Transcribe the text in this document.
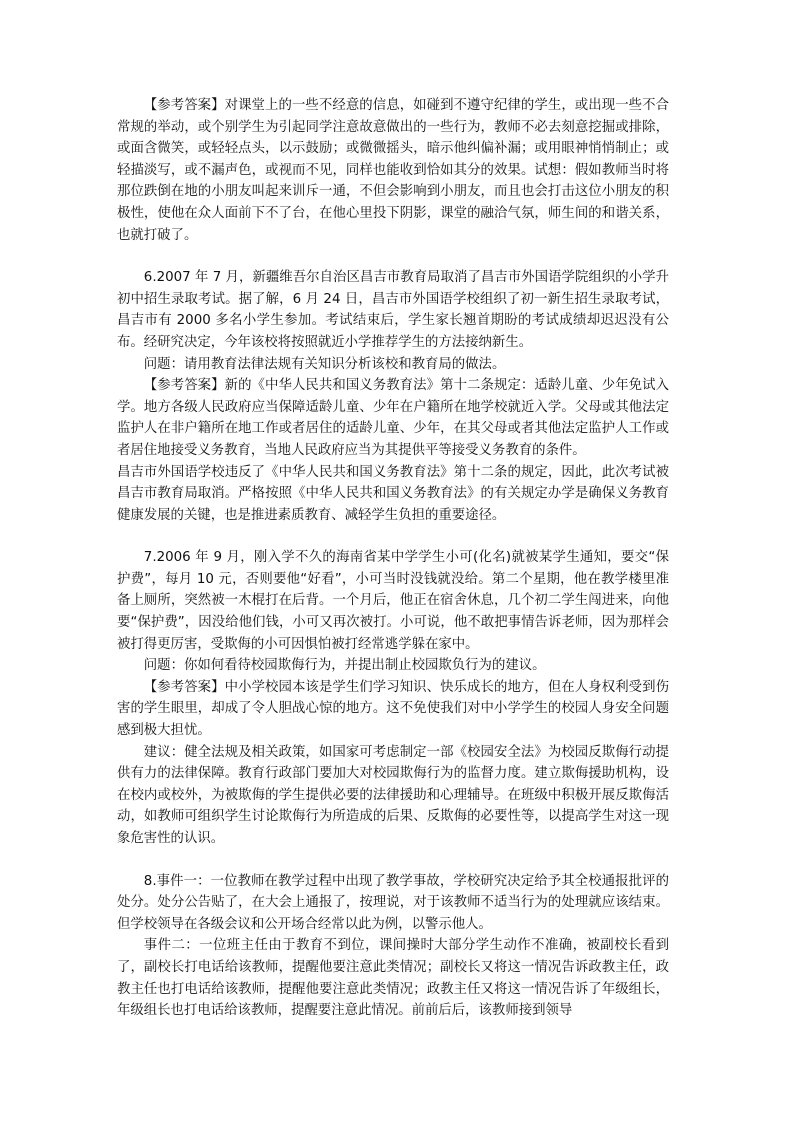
【参考答案】对课堂上的一些不经意的信息，如碰到不遵守纪律的学生，或出现一些不合常规的举动，或个别学生为引起同学注意故意做出的一些行为，教师不必去刻意挖掘或排除，或面含微笑，或轻轻点头，以示鼓励；或微微摇头，暗示他纠偏补漏；或用眼神悄悄制止；或轻描淡写，或不漏声色，或视而不见，同样也能收到恰如其分的效果。试想：假如教师当时将那位跌倒在地的小朋友叫起来训斥一通，不但会影响到小朋友，而且也会打击这位小朋友的积极性，使他在众人面前下不了台，在他心里投下阴影，课堂的融洽气氛，师生间的和谐关系，也就打破了。

6.2007 年 7 月，新疆维吾尔自治区昌吉市教育局取消了昌吉市外国语学院组织的小学升初中招生录取考试。据了解，6 月 24 日，昌吉市外国语学校组织了初一新生招生录取考试，昌吉市有 2000 多名小学生参加。考试结束后，学生家长翘首期盼的考试成绩却迟迟没有公布。经研究决定，今年该校将按照就近小学推荐学生的方法接纳新生。

问题：请用教育法律法规有关知识分析该校和教育局的做法。

【参考答案】新的《中华人民共和国义务教育法》第十二条规定：适龄儿童、少年免试入学。地方各级人民政府应当保障适龄儿童、少年在户籍所在地学校就近入学。父母或其他法定监护人在非户籍所在地工作或者居住的适龄儿童、少年，在其父母或者其他法定监护人工作或者居住地接受义务教育，当地人民政府应当为其提供平等接受义务教育的条件。

昌吉市外国语学校违反了《中华人民共和国义务教育法》第十二条的规定，因此，此次考试被昌吉市教育局取消。严格按照《中华人民共和国义务教育法》的有关规定办学是确保义务教育健康发展的关键，也是推进素质教育、减轻学生负担的重要途径。

7.2006 年 9 月，刚入学不久的海南省某中学学生小可(化名)就被某学生通知，要交“保护费”，每月 10 元，否则要他“好看”，小可当时没钱就没给。第二个星期，他在教学楼里准备上厕所，突然被一木棍打在后背。一个月后，他正在宿舍休息，几个初二学生闯进来，向他要“保护费”，因没给他们钱，小可又再次被打。小可说，他不敢把事情告诉老师，因为那样会被打得更厉害，受欺侮的小可因惧怕被打经常逃学躲在家中。

问题：你如何看待校园欺侮行为，并提出制止校园欺负行为的建议。

【参考答案】中小学校园本该是学生们学习知识、快乐成长的地方，但在人身权利受到伤害的学生眼里，却成了令人胆战心惊的地方。这不免使我们对中小学学生的校园人身安全问题感到极大担忧。

建议：健全法规及相关政策，如国家可考虑制定一部《校园安全法》为校园反欺侮行动提供有力的法律保障。教育行政部门要加大对校园欺侮行为的监督力度。建立欺侮援助机构，设在校内或校外，为被欺侮的学生提供必要的法律援助和心理辅导。在班级中积极开展反欺侮活动，如教师可组织学生讨论欺侮行为所造成的后果、反欺侮的必要性等，以提高学生对这一现象危害性的认识。

8.事件一：一位教师在教学过程中出现了教学事故，学校研究决定给予其全校通报批评的处分。处分公告贴了，在大会上通报了，按理说，对于该教师不适当行为的处理就应该结束。但学校领导在各级会议和公开场合经常以此为例，以警示他人。

事件二：一位班主任由于教育不到位，课间操时大部分学生动作不准确，被副校长看到了，副校长打电话给该教师，提醒他要注意此类情况；副校长又将这一情况告诉政教主任，政教主任也打电话给该教师，提醒他要注意此类情况；政教主任又将这一情况告诉了年级组长，年级组长也打电话给该教师，提醒要注意此情况。前前后后，该教师接到领导
